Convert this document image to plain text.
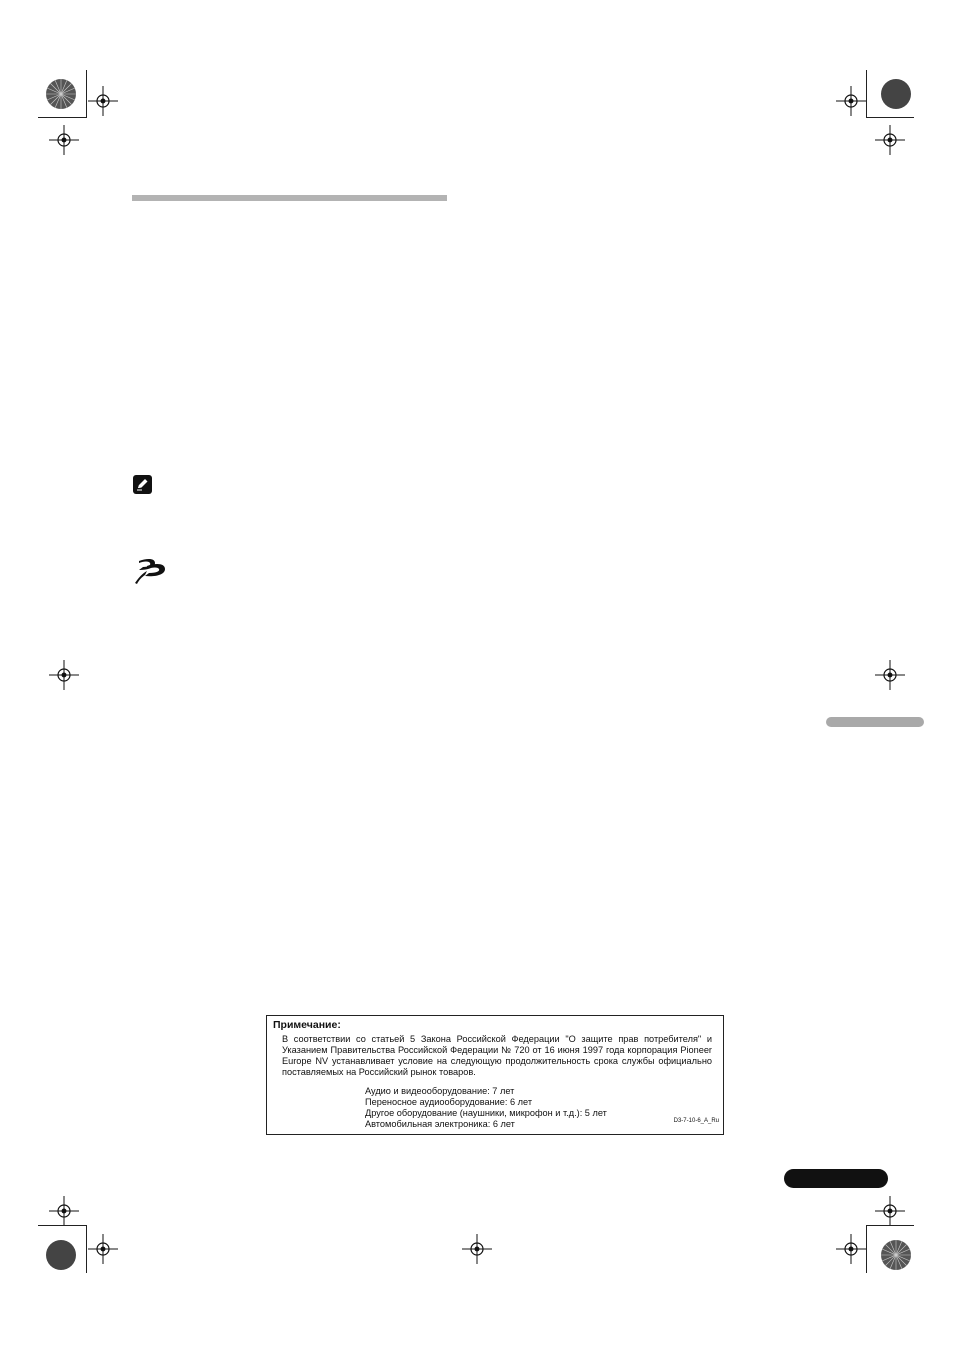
Примечание:
В соответствии со статьей 5 Закона Российской Федерации "О защите прав потребителя" и Указанием Правительства Российской Федерации № 720 от 16 июня 1997 года корпорация Pioneer Europe NV устанавливает условие на следующую продолжительность срока службы официально поставляемых на Российский рынок товаров.
Аудио и видеооборудование: 7 лет
Переносное аудиооборудование: 6 лет
Другое оборудование (наушники, микрофон и т.д.): 5 лет
Автомобильная электроника: 6 лет	D3-7-10-6_A_Ru
